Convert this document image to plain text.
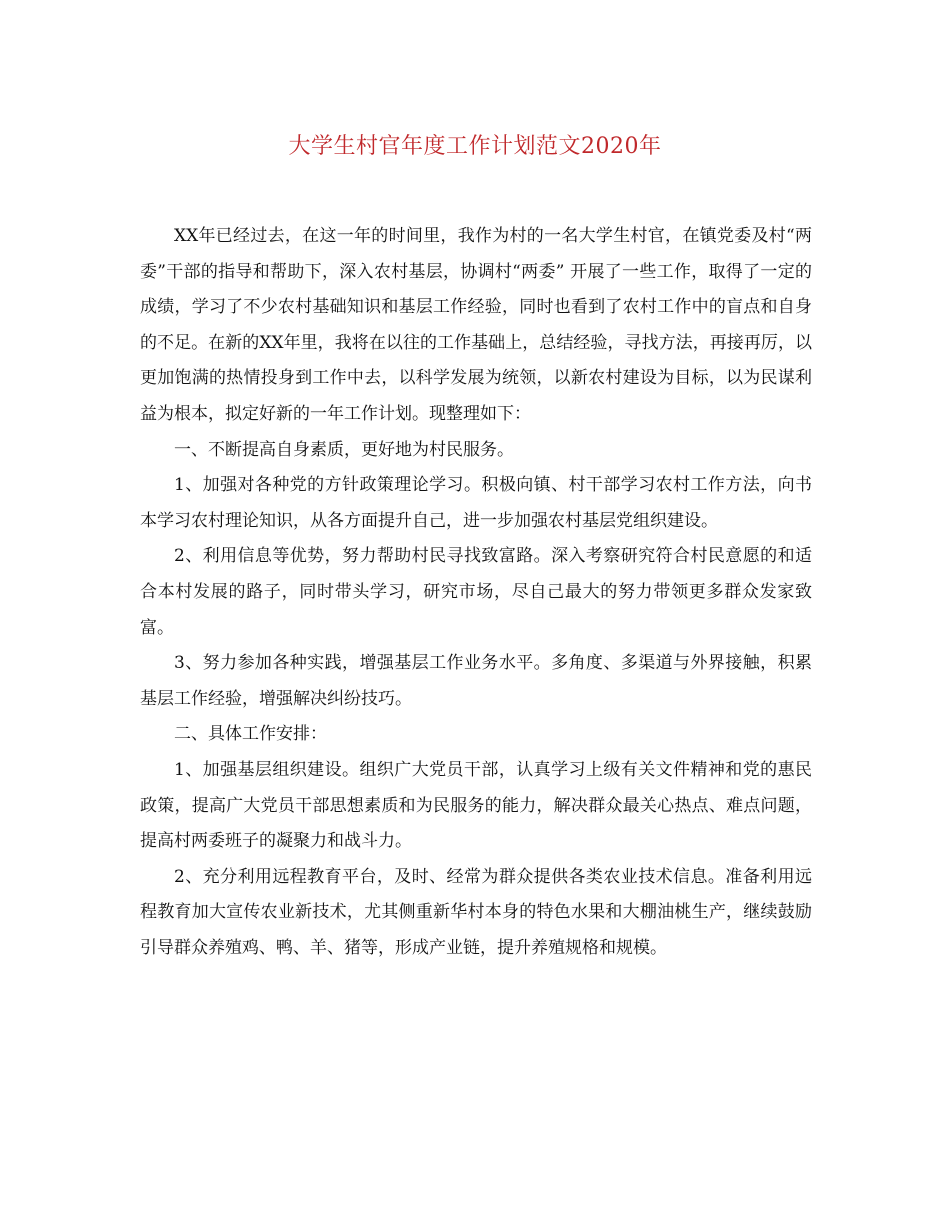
大学生村官年度工作计划范文2020年

XX年已经过去，在这一年的时间里，我作为村的一名大学生村官，在镇党委及村“两委”干部的指导和帮助下，深入农村基层，协调村“两委” 开展了一些工作，取得了一定的成绩，学习了不少农村基础知识和基层工作经验，同时也看到了农村工作中的盲点和自身的不足。在新的XX年里，我将在以往的工作基础上，总结经验，寻找方法，再接再厉，以更加饱满的热情投身到工作中去，以科学发展为统领，以新农村建设为目标，以为民谋利益为根本，拟定好新的一年工作计划。现整理如下：

一、不断提高自身素质，更好地为村民服务。

1、加强对各种党的方针政策理论学习。积极向镇、村干部学习农村工作方法，向书本学习农村理论知识，从各方面提升自己，进一步加强农村基层党组织建设。

2、利用信息等优势，努力帮助村民寻找致富路。深入考察研究符合村民意愿的和适合本村发展的路子，同时带头学习，研究市场，尽自己最大的努力带领更多群众发家致富。

3、努力参加各种实践，增强基层工作业务水平。多角度、多渠道与外界接触，积累基层工作经验，增强解决纠纷技巧。

二、具体工作安排：

1、加强基层组织建设。组织广大党员干部，认真学习上级有关文件精神和党的惠民政策，提高广大党员干部思想素质和为民服务的能力，解决群众最关心热点、难点问题，提高村两委班子的凝聚力和战斗力。

2、充分利用远程教育平台，及时、经常为群众提供各类农业技术信息。准备利用远程教育加大宣传农业新技术，尤其侧重新华村本身的特色水果和大棚油桃生产，继续鼓励引导群众养殖鸡、鸭、羊、猪等，形成产业链，提升养殖规格和规模。
